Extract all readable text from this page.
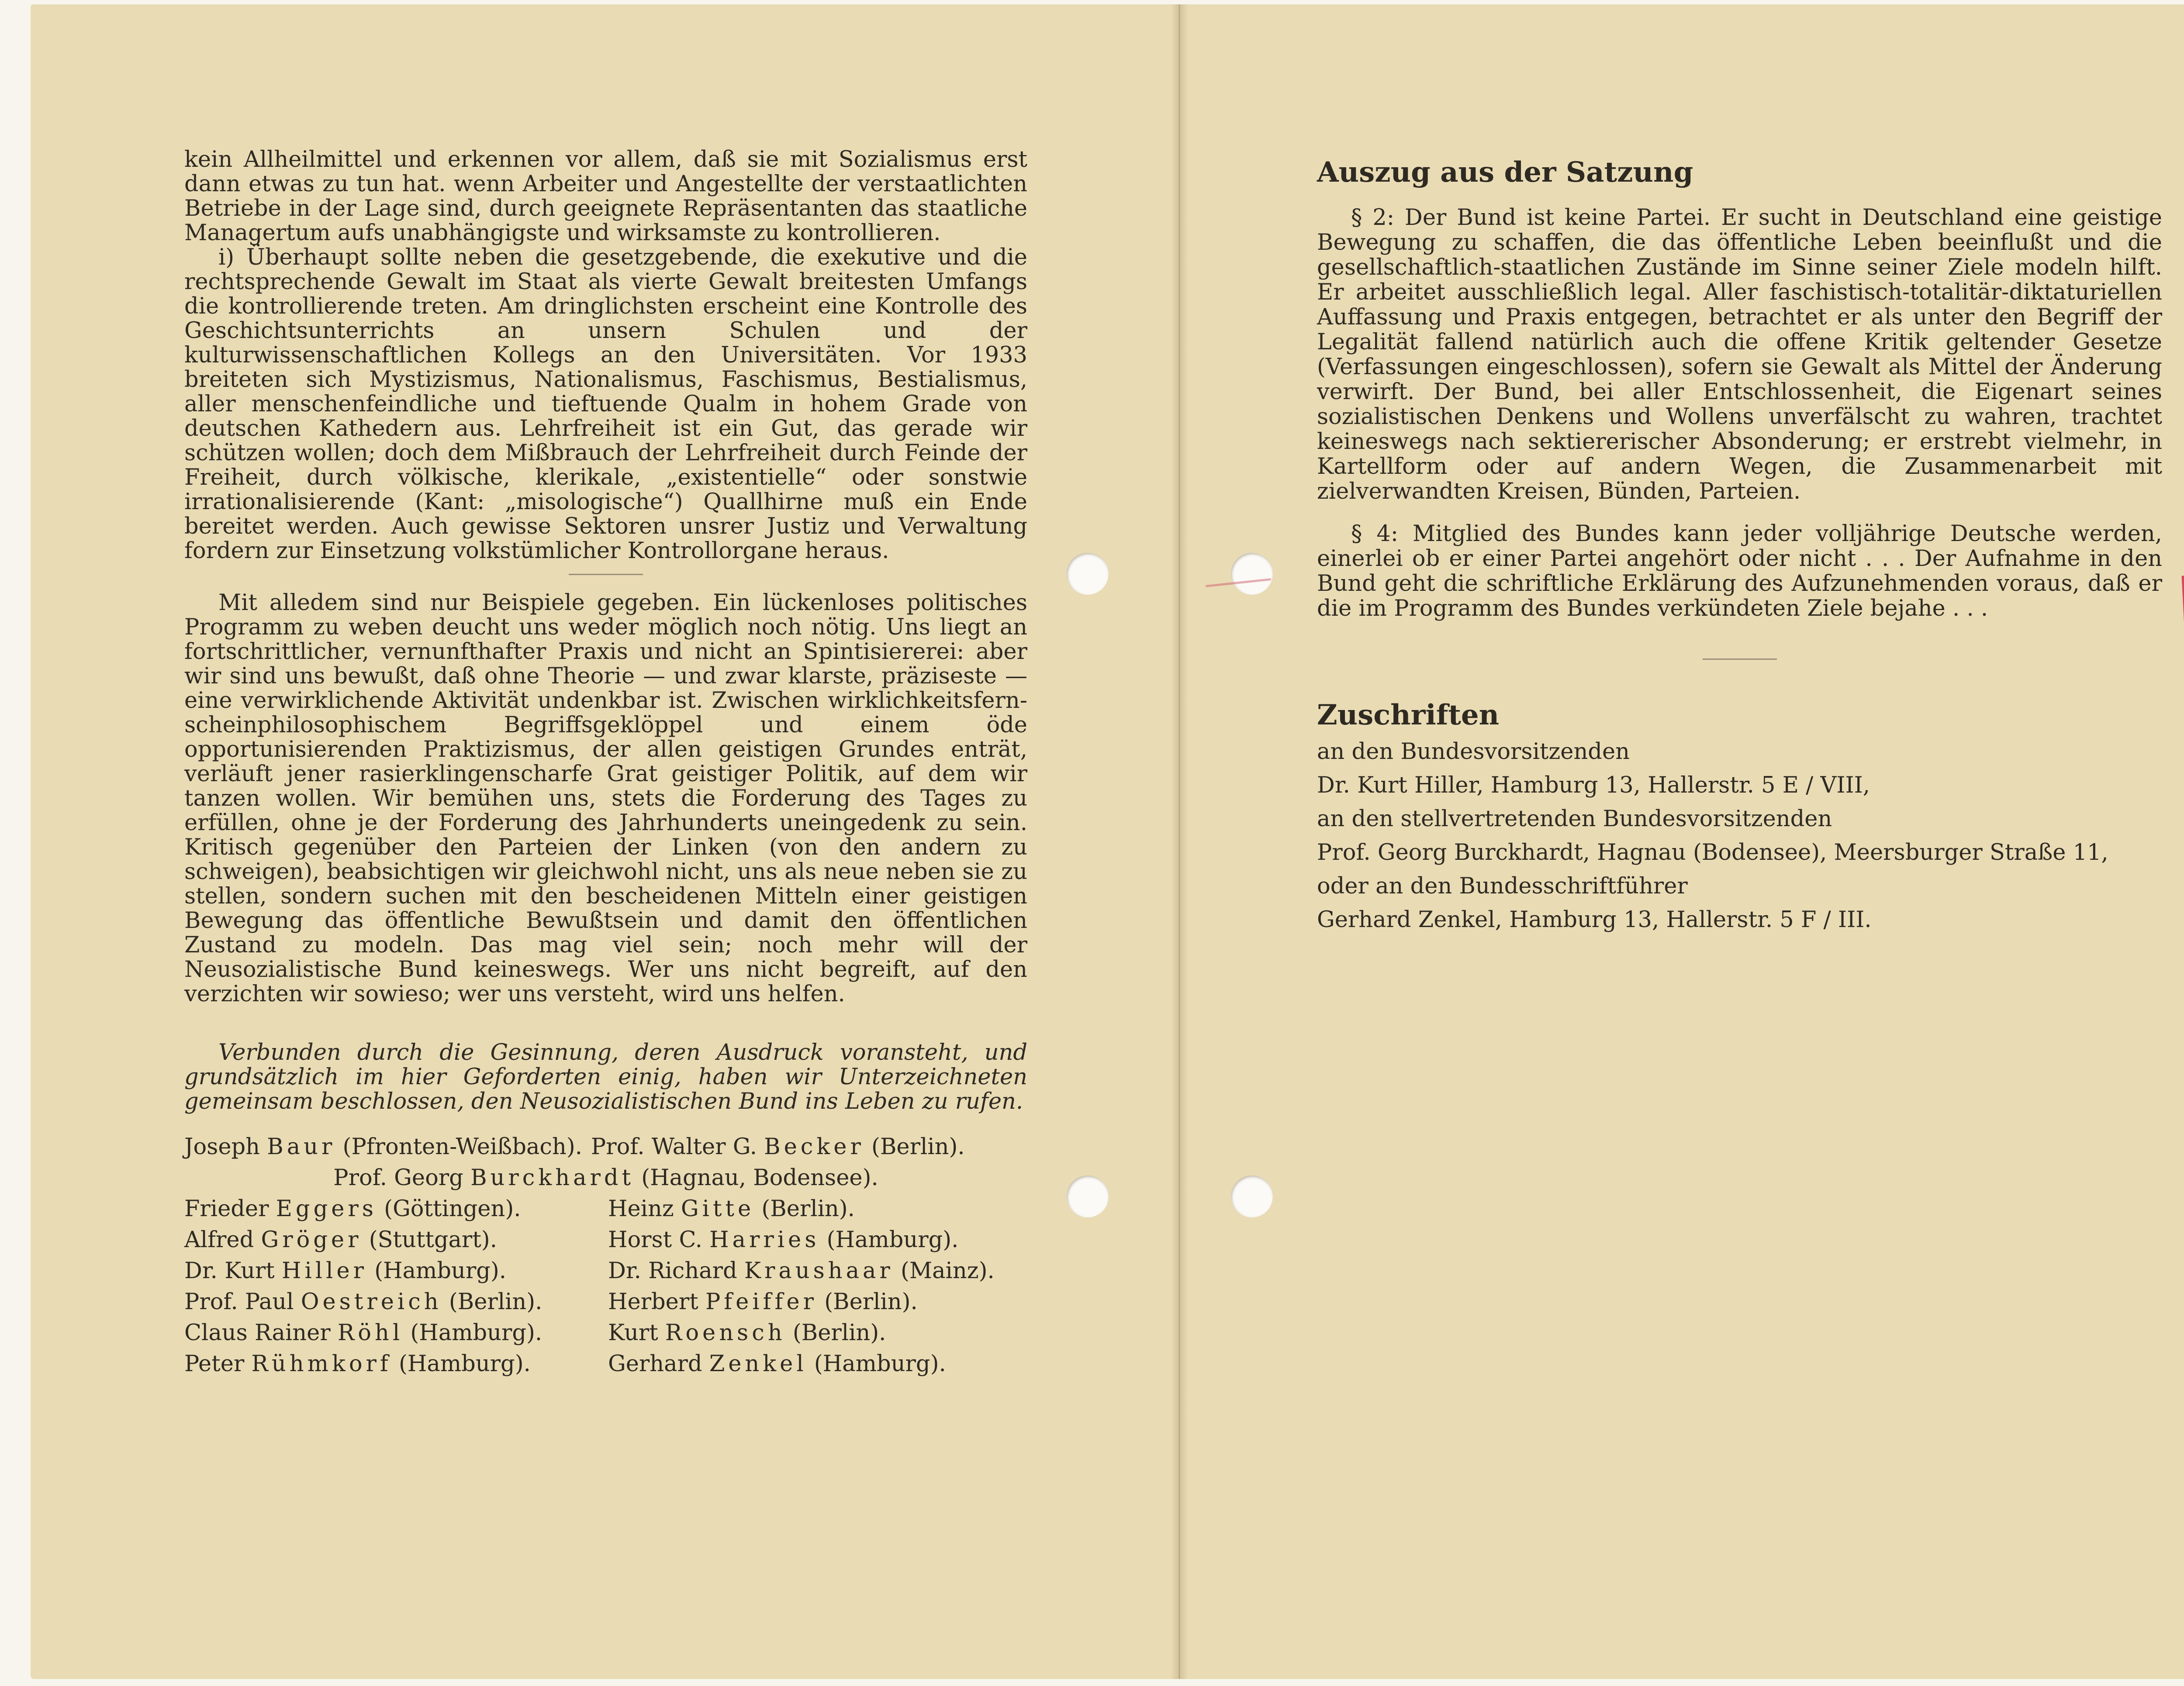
kein Allheilmittel und erkennen vor allem, daß sie mit Sozialismus erst dann etwas zu tun hat. wenn Arbeiter und Angestellte der verstaatlichten Betriebe in der Lage sind, durch geeignete Repräsentanten das staatliche Managertum aufs unabhängigste und wirksamste zu kontrollieren.

i) Überhaupt sollte neben die gesetzgebende, die exekutive und die rechtsprechende Gewalt im Staat als vierte Gewalt breitesten Umfangs die kontrollierende treten. Am dringlichsten erscheint eine Kontrolle des Geschichtsunterrichts an unsern Schulen und der kulturwissenschaftlichen Kollegs an den Universitäten. Vor 1933 breiteten sich Mystizismus, Nationalismus, Faschismus, Bestialismus, aller menschenfeindliche und tieftuende Qualm in hohem Grade von deutschen Kathedern aus. Lehrfreiheit ist ein Gut, das gerade wir schützen wollen; doch dem Mißbrauch der Lehrfreiheit durch Feinde der Freiheit, durch völkische, klerikale, „existentielle“ oder sonstwie irrationalisierende (Kant: „misologische“) Quallhirne muß ein Ende bereitet werden. Auch gewisse Sektoren unsrer Justiz und Verwaltung fordern zur Einsetzung volkstümlicher Kontrollorgane heraus.

Mit alledem sind nur Beispiele gegeben. Ein lückenloses politisches Programm zu weben deucht uns weder möglich noch nötig. Uns liegt an fortschrittlicher, vernunfthafter Praxis und nicht an Spintisiererei: aber wir sind uns bewußt, daß ohne Theorie — und zwar klarste, präziseste — eine verwirklichende Aktivität undenkbar ist. Zwischen wirklichkeitsfern-scheinphilosophischem Begriffsgeklöppel und einem öde opportunisierenden Praktizismus, der allen geistigen Grundes enträt, verläuft jener rasierklingenscharfe Grat geistiger Politik, auf dem wir tanzen wollen. Wir bemühen uns, stets die Forderung des Tages zu erfüllen, ohne je der Forderung des Jahrhunderts uneingedenk zu sein. Kritisch gegenüber den Parteien der Linken (von den andern zu schweigen), beabsichtigen wir gleichwohl nicht, uns als neue neben sie zu stellen, sondern suchen mit den bescheidenen Mitteln einer geistigen Bewegung das öffentliche Bewußtsein und damit den öffentlichen Zustand zu modeln. Das mag viel sein; noch mehr will der Neusozialistische Bund keineswegs. Wer uns nicht begreift, auf den verzichten wir sowieso; wer uns versteht, wird uns helfen.

Verbunden durch die Gesinnung, deren Ausdruck voransteht, und grundsätzlich im hier Geforderten einig, haben wir Unterzeichneten gemeinsam beschlossen, den Neusozialistischen Bund ins Leben zu rufen.

Joseph Baur (Pfronten-Weißbach). Prof. Walter G. Becker (Berlin).
Prof. Georg Burckhardt (Hagnau, Bodensee).
Frieder Eggers (Göttingen).	Heinz Gitte (Berlin).
Alfred Gröger (Stuttgart).	Horst C. Harries (Hamburg).
Dr. Kurt Hiller (Hamburg).	Dr. Richard Kraushaar (Mainz).
Prof. Paul Oestreich (Berlin).	Herbert Pfeiffer (Berlin).
Claus Rainer Röhl (Hamburg).	Kurt Roensch (Berlin).
Peter Rühmkorf (Hamburg).	Gerhard Zenkel (Hamburg).
Auszug aus der Satzung

§ 2: Der Bund ist keine Partei. Er sucht in Deutschland eine geistige Bewegung zu schaffen, die das öffentliche Leben beeinflußt und die gesellschaftlich-staatlichen Zustände im Sinne seiner Ziele modeln hilft. Er arbeitet ausschließlich legal. Aller faschistisch-totalitär-diktaturiellen Auffassung und Praxis entgegen, betrachtet er als unter den Begriff der Legalität fallend natürlich auch die offene Kritik geltender Gesetze (Verfassungen eingeschlossen), sofern sie Gewalt als Mittel der Änderung verwirft. Der Bund, bei aller Entschlossenheit, die Eigenart seines sozialistischen Denkens und Wollens unverfälscht zu wahren, trachtet keineswegs nach sektiererischer Absonderung; er erstrebt vielmehr, in Kartellform oder auf andern Wegen, die Zusammenarbeit mit zielverwandten Kreisen, Bünden, Parteien.

§ 4: Mitglied des Bundes kann jeder volljährige Deutsche werden, einerlei ob er einer Partei angehört oder nicht . . . Der Aufnahme in den Bund geht die schriftliche Erklärung des Aufzunehmenden voraus, daß er die im Programm des Bundes verkündeten Ziele bejahe . . .

Zuschriften

an den Bundesvorsitzenden

Dr. Kurt Hiller, Hamburg 13, Hallerstr. 5 E / VIII,

an den stellvertretenden Bundesvorsitzenden

Prof. Georg Burckhardt, Hagnau (Bodensee), Meersburger Straße 11,

oder an den Bundesschriftführer

Gerhard Zenkel, Hamburg 13, Hallerstr. 5 F / III.
